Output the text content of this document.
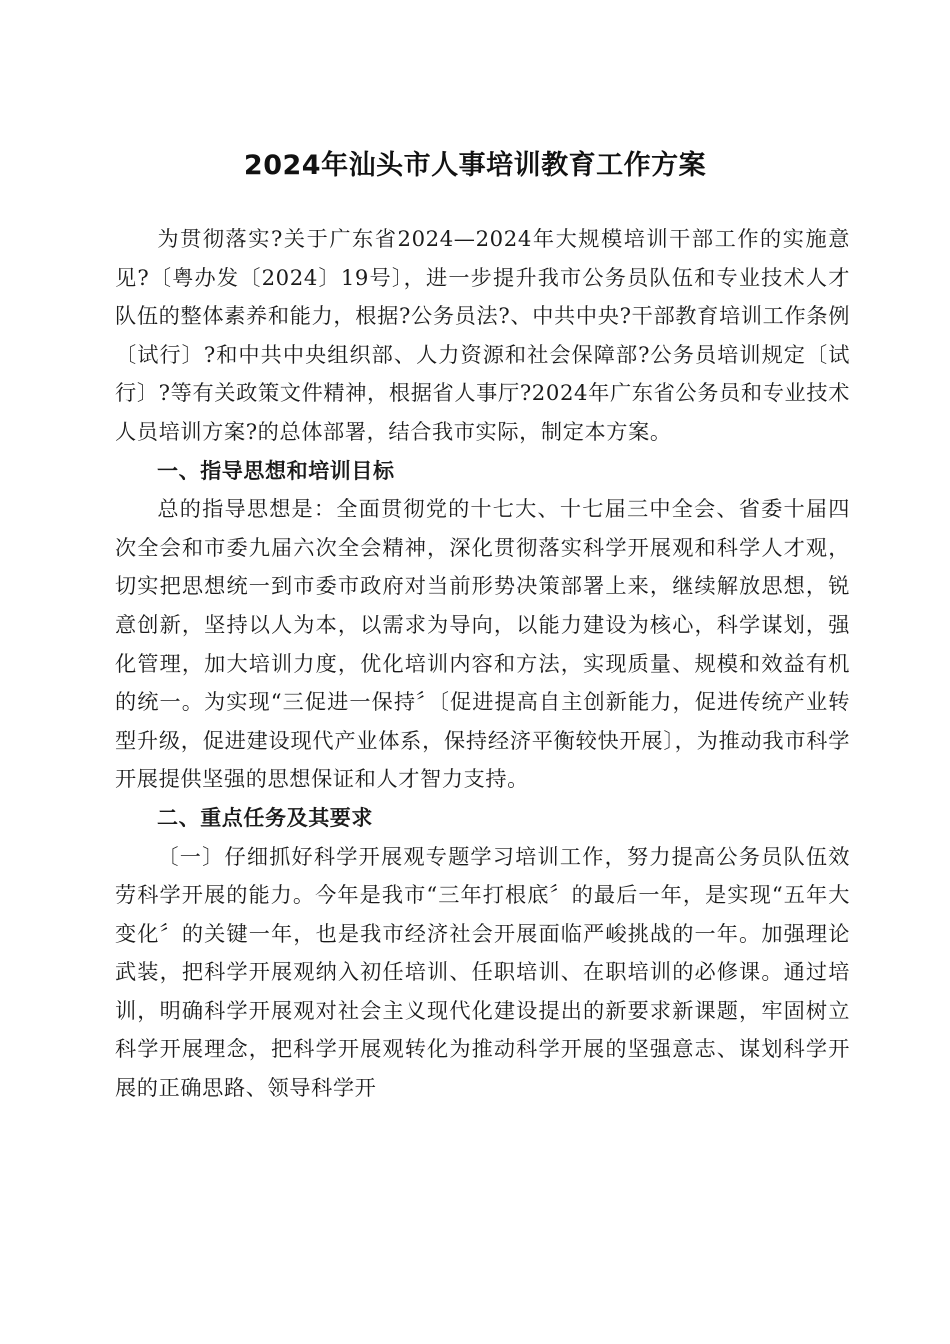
2024年汕头市人事培训教育工作方案

为贯彻落实?关于广东省2024—2024年大规模培训干部工作的实施意见?〔粤办发〔2024〕19号〕，进一步提升我市公务员队伍和专业技术人才队伍的整体素养和能力，根据?公务员法?、中共中央?干部教育培训工作条例〔试行〕?和中共中央组织部、人力资源和社会保障部?公务员培训规定〔试行〕?等有关政策文件精神，根据省人事厅?2024年广东省公务员和专业技术人员培训方案?的总体部署，结合我市实际，制定本方案。

一、指导思想和培训目标

总的指导思想是：全面贯彻党的十七大、十七届三中全会、省委十届四次全会和市委九届六次全会精神，深化贯彻落实科学开展观和科学人才观，切实把思想统一到市委市政府对当前形势决策部署上来，继续解放思想，锐意创新，坚持以人为本，以需求为导向，以能力建设为核心，科学谋划，强化管理，加大培训力度，优化培训内容和方法，实现质量、规模和效益有机的统一。为实现“三促进一保持〞〔促进提高自主创新能力，促进传统产业转型升级，促进建设现代产业体系，保持经济平衡较快开展〕，为推动我市科学开展提供坚强的思想保证和人才智力支持。

二、重点任务及其要求

〔一〕仔细抓好科学开展观专题学习培训工作，努力提高公务员队伍效劳科学开展的能力。今年是我市“三年打根底〞的最后一年，是实现“五年大变化〞的关键一年，也是我市经济社会开展面临严峻挑战的一年。加强理论武装，把科学开展观纳入初任培训、任职培训、在职培训的必修课。通过培训，明确科学开展观对社会主义现代化建设提出的新要求新课题，牢固树立科学开展理念，把科学开展观转化为推动科学开展的坚强意志、谋划科学开展的正确思路、领导科学开
